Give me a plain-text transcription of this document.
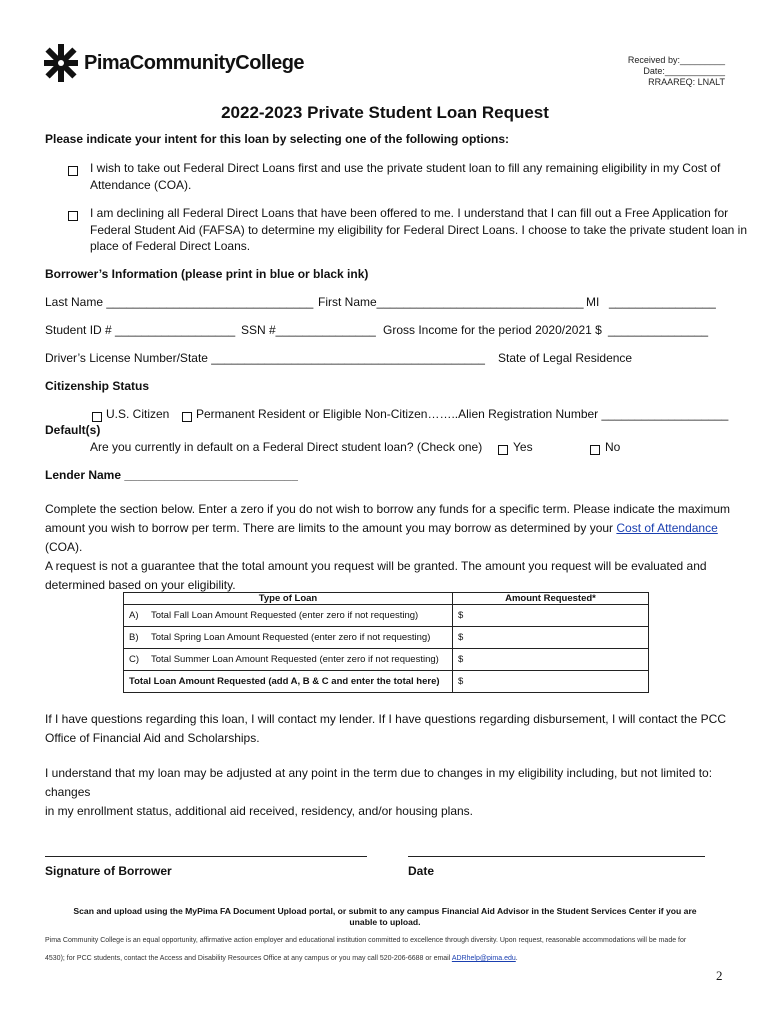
PimaCommunityCollege	Received by:_________
Date:____________
RRAAREQ: LNALT
2022-2023 Private Student Loan Request
Please indicate your intent for this loan by selecting one of the following options:
I wish to take out Federal Direct Loans first and use the private student loan to fill any remaining eligibility in my Cost of
Attendance (COA).
I am declining all Federal Direct Loans that have been offered to me. I understand that I can fill out a Free Application for
Federal Student Aid (FAFSA) to determine my eligibility for Federal Direct Loans. I choose to take the private student loan in
place of Federal Direct Loans.
Borrower’s Information (please print in blue or black ink)
Last Name _______________________________ First Name_______________________________ MI ________________
Student ID # __________________ SSN #_______________ Gross Income for the period 2020/2021 $ _______________
Driver’s License Number/State _________________________________________ State of Legal Residence
Citizenship Status
U.S. Citizen Permanent Resident or Eligible Non-Citizen……..Alien Registration Number ___________________
Default(s)
Are you currently in default on a Federal Direct student loan? (Check one)	Yes	No
Lender Name __________________________
Complete the section below. Enter a zero if you do not wish to borrow any funds for a specific term. Please indicate the maximum
amount you wish to borrow per term. There are limits to the amount you may borrow as determined by your Cost of Attendance (COA).
A request is not a guarantee that the total amount you request will be granted. The amount you request will be evaluated and
determined based on your eligibility.
Type of Loan	Amount Requested*
A) Total Fall Loan Amount Requested (enter zero if not requesting)	$
B) Total Spring Loan Amount Requested (enter zero if not requesting)	$
C) Total Summer Loan Amount Requested (enter zero if not requesting)	$
Total Loan Amount Requested (add A, B & C and enter the total here)	$
If I have questions regarding this loan, I will contact my lender. If I have questions regarding disbursement, I will contact the PCC
Office of Financial Aid and Scholarships.
I understand that my loan may be adjusted at any point in the term due to changes in my eligibility including, but not limited to: changes
in my enrollment status, additional aid received, residency, and/or housing plans.
Signature of Borrower	Date
Scan and upload using the MyPima FA Document Upload portal, or submit to any campus Financial Aid Advisor in the Student Services Center if you are
unable to upload.
Pima Community College is an equal opportunity, affirmative action employer and educational institution committed to excellence through diversity. Upon request, reasonable accommodations will be made for
4530); for PCC students, contact the Access and Disability Resources Office at any campus or you may call 520-206-6688 or email ADRhelp@pima.edu.
2
